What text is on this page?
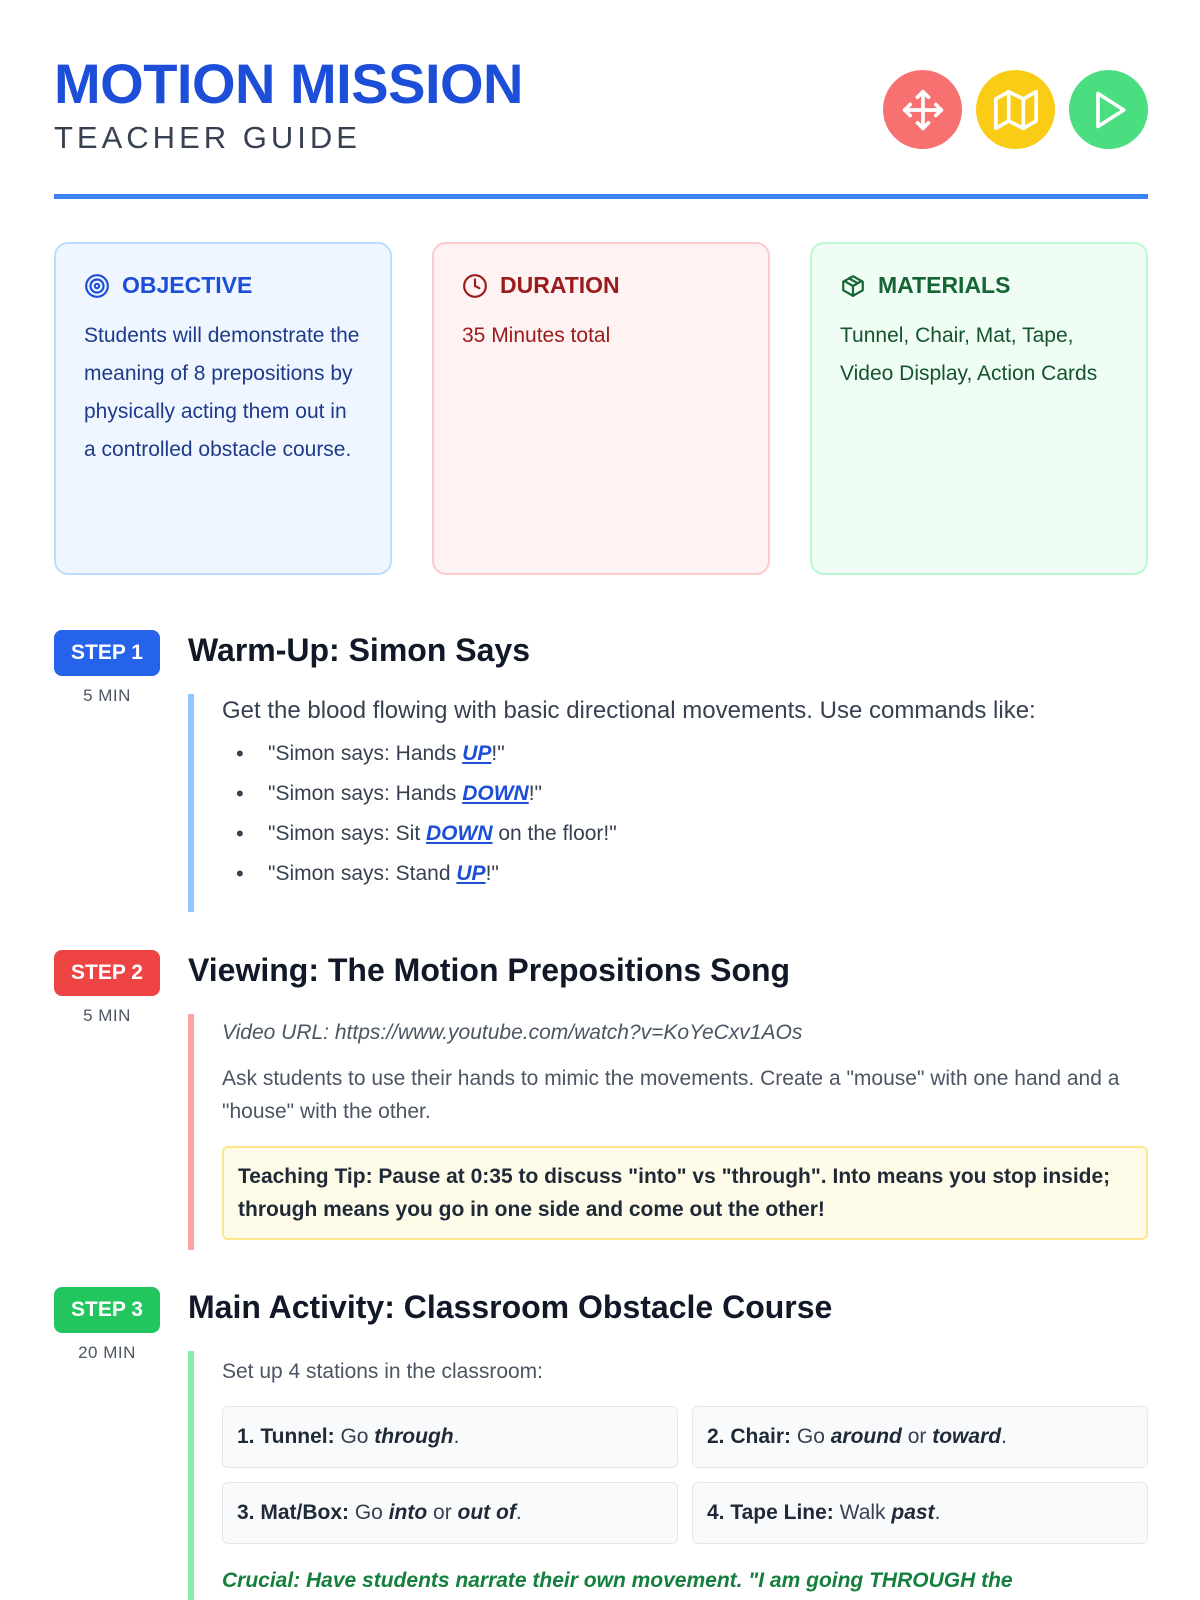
MOTION MISSION
TEACHER GUIDE
OBJECTIVE
Students will demonstrate the meaning of 8 prepositions by physically acting them out in a controlled obstacle course.
DURATION
35 Minutes total
MATERIALS
Tunnel, Chair, Mat, Tape, Video Display, Action Cards
STEP 1
5 MIN
Warm-Up: Simon Says
Get the blood flowing with basic directional movements. Use commands like:
• "Simon says: Hands UP!"
• "Simon says: Hands DOWN!"
• "Simon says: Sit DOWN on the floor!"
• "Simon says: Stand UP!"
STEP 2
5 MIN
Viewing: The Motion Prepositions Song
Video URL: https://www.youtube.com/watch?v=KoYeCxv1AOs
Ask students to use their hands to mimic the movements. Create a "mouse" with one hand and a "house" with the other.
Teaching Tip: Pause at 0:35 to discuss "into" vs "through". Into means you stop inside; through means you go in one side and come out the other!
STEP 3
20 MIN
Main Activity: Classroom Obstacle Course
Set up 4 stations in the classroom:
1. Tunnel: Go through .	2. Chair: Go around or toward .
3. Mat/Box: Go into or out of .	4. Tape Line: Walk past .
Crucial: Have students narrate their own movement. "I am going THROUGH the
